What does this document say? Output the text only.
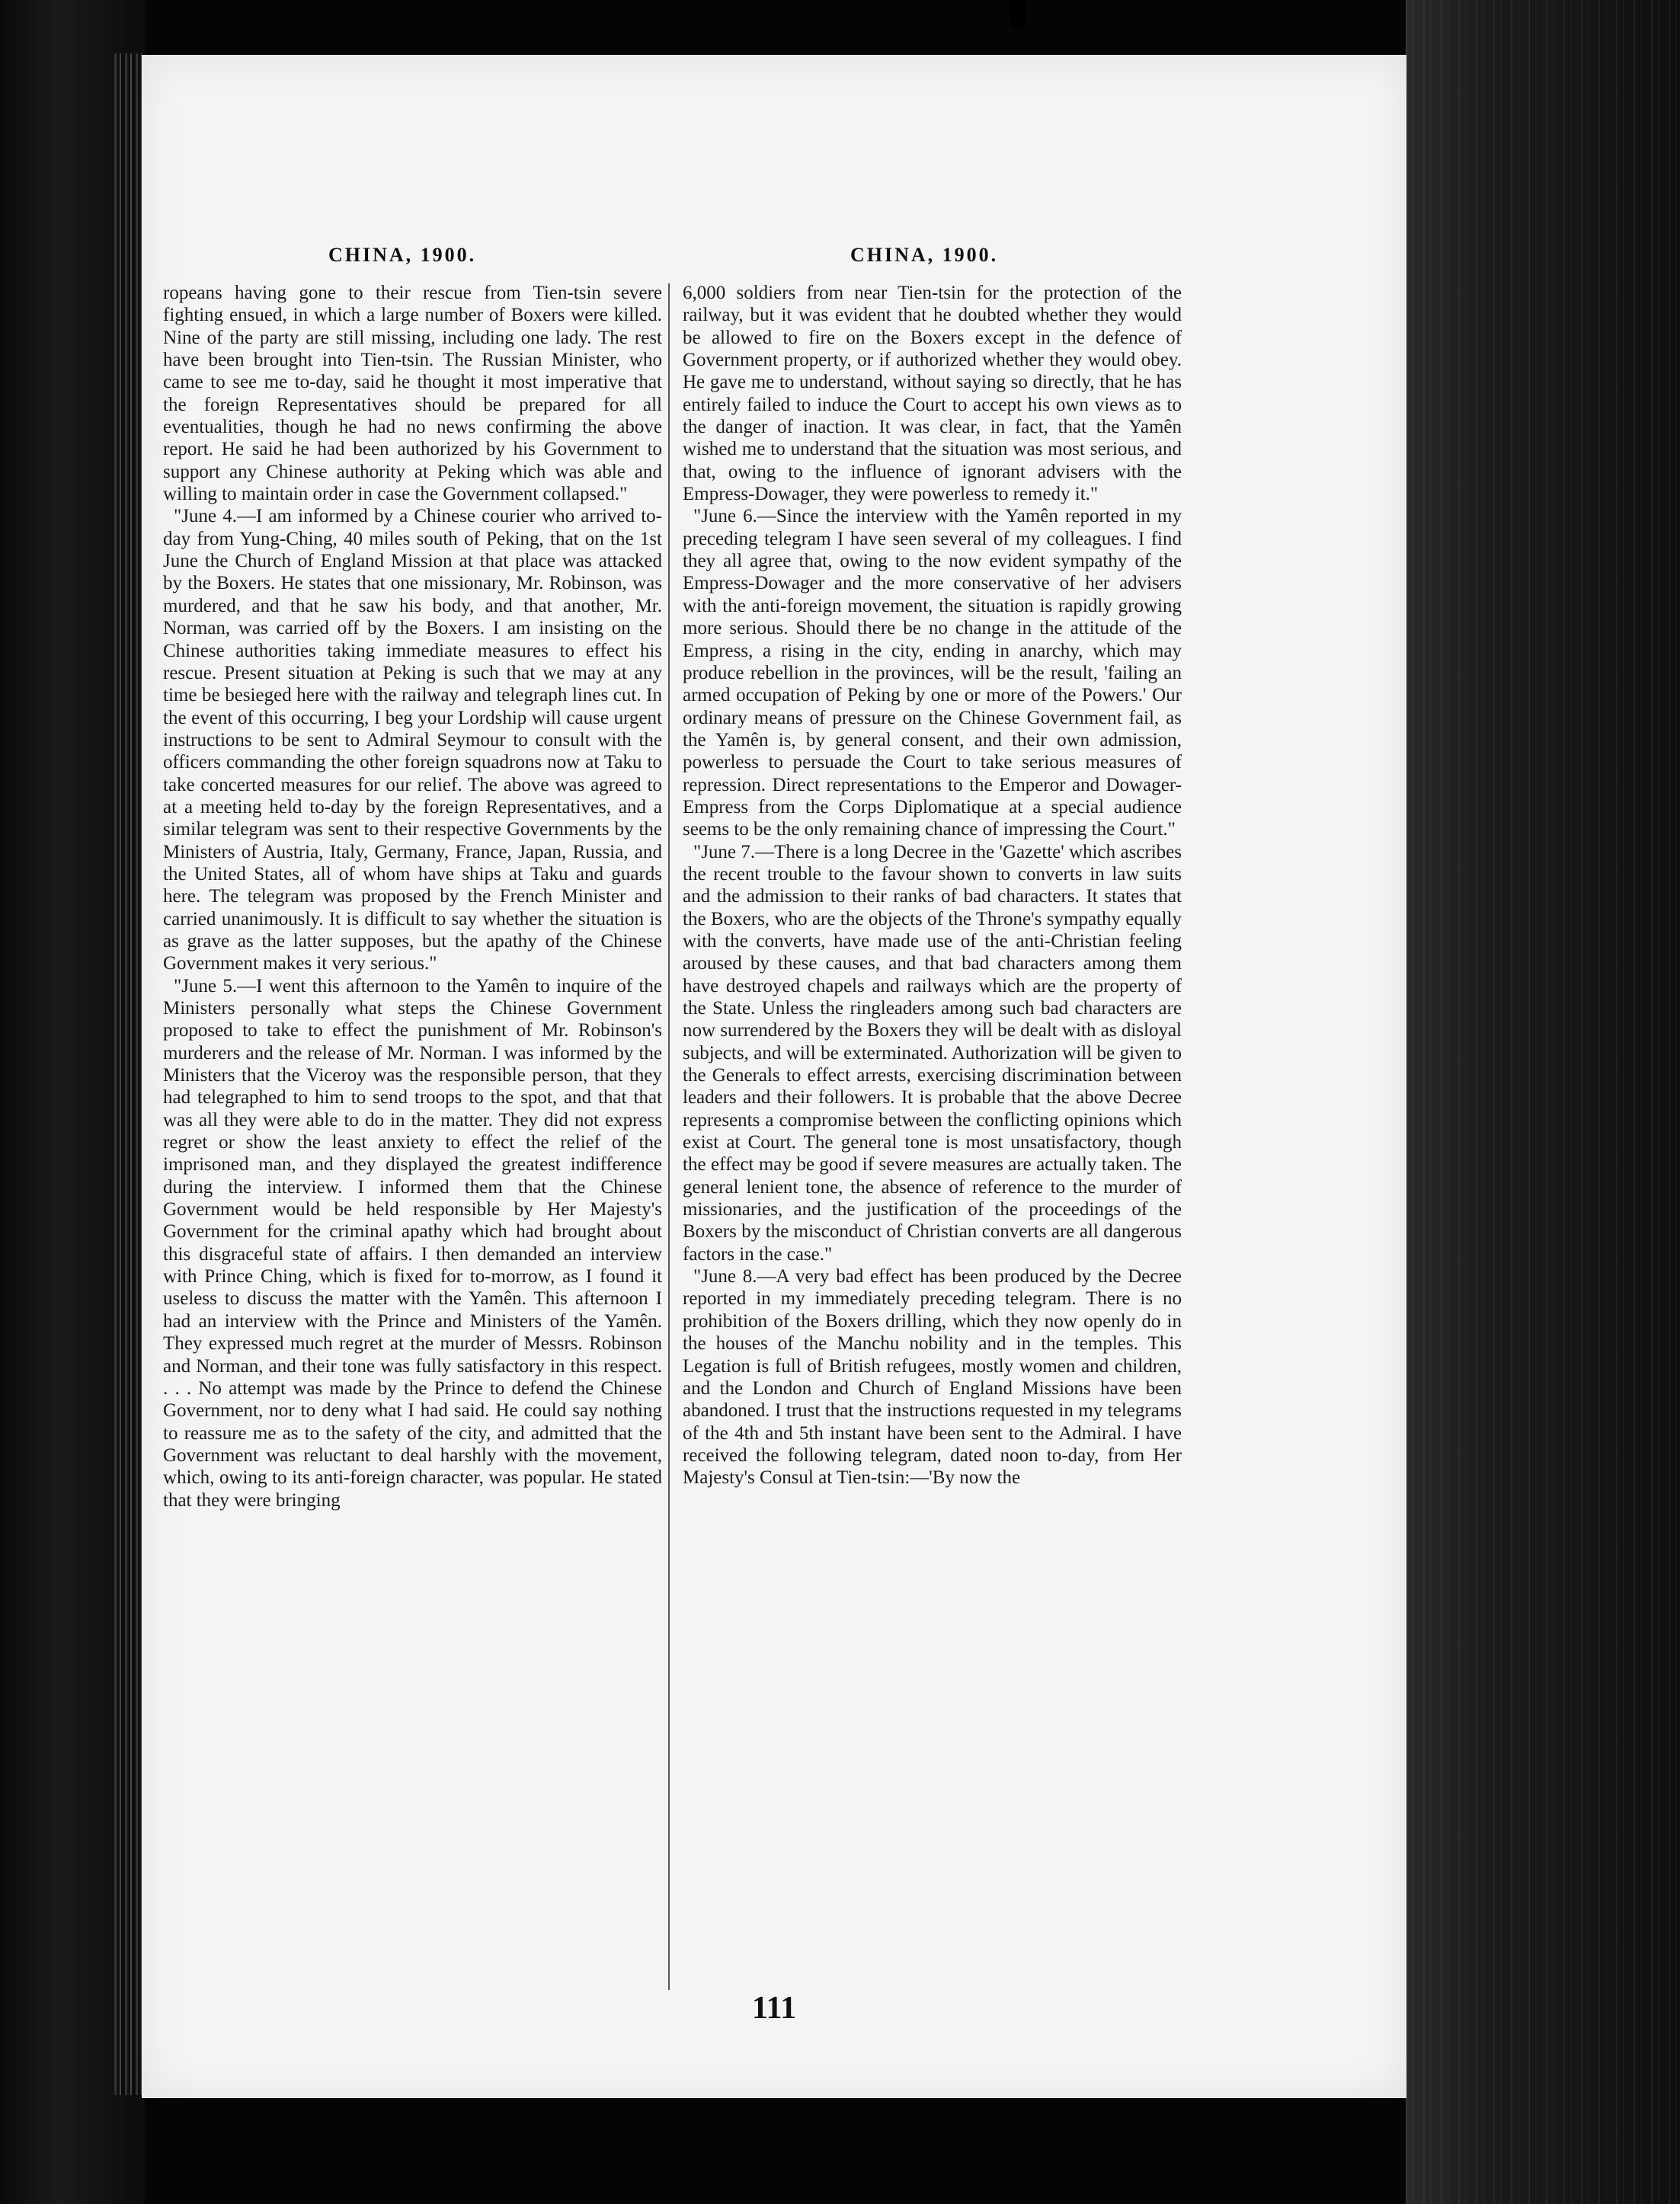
CHINA, 1900.	CHINA, 1900.

ropeans having gone to their rescue from Tien-tsin severe fighting ensued, in which a large number of Boxers were killed. Nine of the party are still missing, including one lady. The rest have been brought into Tien-tsin. The Russian Minister, who came to see me to-day, said he thought it most imperative that the foreign Representatives should be prepared for all eventualities, though he had no news confirming the above report. He said he had been authorized by his Government to support any Chinese authority at Peking which was able and willing to maintain order in case the Government collapsed."

"June 4.—I am informed by a Chinese courier who arrived to-day from Yung-Ching, 40 miles south of Peking, that on the 1st June the Church of England Mission at that place was attacked by the Boxers. He states that one missionary, Mr. Robinson, was murdered, and that he saw his body, and that another, Mr. Norman, was carried off by the Boxers. I am insisting on the Chinese authorities taking immediate measures to effect his rescue. Present situation at Peking is such that we may at any time be besieged here with the railway and telegraph lines cut. In the event of this occurring, I beg your Lordship will cause urgent instructions to be sent to Admiral Seymour to consult with the officers commanding the other foreign squadrons now at Taku to take concerted measures for our relief. The above was agreed to at a meeting held to-day by the foreign Representatives, and a similar telegram was sent to their respective Governments by the Ministers of Austria, Italy, Germany, France, Japan, Russia, and the United States, all of whom have ships at Taku and guards here. The telegram was proposed by the French Minister and carried unanimously. It is difficult to say whether the situation is as grave as the latter supposes, but the apathy of the Chinese Government makes it very serious."

"June 5.—I went this afternoon to the Yamên to inquire of the Ministers personally what steps the Chinese Government proposed to take to effect the punishment of Mr. Robinson's murderers and the release of Mr. Norman. I was informed by the Ministers that the Viceroy was the responsible person, that they had telegraphed to him to send troops to the spot, and that that was all they were able to do in the matter. They did not express regret or show the least anxiety to effect the relief of the imprisoned man, and they displayed the greatest indifference during the interview. I informed them that the Chinese Government would be held responsible by Her Majesty's Government for the criminal apathy which had brought about this disgraceful state of affairs. I then demanded an interview with Prince Ching, which is fixed for to-morrow, as I found it useless to discuss the matter with the Yamên. This afternoon I had an interview with the Prince and Ministers of the Yamên. They expressed much regret at the murder of Messrs. Robinson and Norman, and their tone was fully satisfactory in this respect. . . . No attempt was made by the Prince to defend the Chinese Government, nor to deny what I had said. He could say nothing to reassure me as to the safety of the city, and admitted that the Government was reluctant to deal harshly with the movement, which, owing to its anti-foreign character, was popular. He stated that they were bringing

6,000 soldiers from near Tien-tsin for the protection of the railway, but it was evident that he doubted whether they would be allowed to fire on the Boxers except in the defence of Government property, or if authorized whether they would obey. He gave me to understand, without saying so directly, that he has entirely failed to induce the Court to accept his own views as to the danger of inaction. It was clear, in fact, that the Yamên wished me to understand that the situation was most serious, and that, owing to the influence of ignorant advisers with the Empress-Dowager, they were powerless to remedy it."

"June 6.—Since the interview with the Yamên reported in my preceding telegram I have seen several of my colleagues. I find they all agree that, owing to the now evident sympathy of the Empress-Dowager and the more conservative of her advisers with the anti-foreign movement, the situation is rapidly growing more serious. Should there be no change in the attitude of the Empress, a rising in the city, ending in anarchy, which may produce rebellion in the provinces, will be the result, 'failing an armed occupation of Peking by one or more of the Powers.' Our ordinary means of pressure on the Chinese Government fail, as the Yamên is, by general consent, and their own admission, powerless to persuade the Court to take serious measures of repression. Direct representations to the Emperor and Dowager-Empress from the Corps Diplomatique at a special audience seems to be the only remaining chance of impressing the Court."

"June 7.—There is a long Decree in the 'Gazette' which ascribes the recent trouble to the favour shown to converts in law suits and the admission to their ranks of bad characters. It states that the Boxers, who are the objects of the Throne's sympathy equally with the converts, have made use of the anti-Christian feeling aroused by these causes, and that bad characters among them have destroyed chapels and railways which are the property of the State. Unless the ringleaders among such bad characters are now surrendered by the Boxers they will be dealt with as disloyal subjects, and will be exterminated. Authorization will be given to the Generals to effect arrests, exercising discrimination between leaders and their followers. It is probable that the above Decree represents a compromise between the conflicting opinions which exist at Court. The general tone is most unsatisfactory, though the effect may be good if severe measures are actually taken. The general lenient tone, the absence of reference to the murder of missionaries, and the justification of the proceedings of the Boxers by the misconduct of Christian converts are all dangerous factors in the case."

"June 8.—A very bad effect has been produced by the Decree reported in my immediately preceding telegram. There is no prohibition of the Boxers drilling, which they now openly do in the houses of the Manchu nobility and in the temples. This Legation is full of British refugees, mostly women and children, and the London and Church of England Missions have been abandoned. I trust that the instructions requested in my telegrams of the 4th and 5th instant have been sent to the Admiral. I have received the following telegram, dated noon to-day, from Her Majesty's Consul at Tien-tsin:—'By now the

111
